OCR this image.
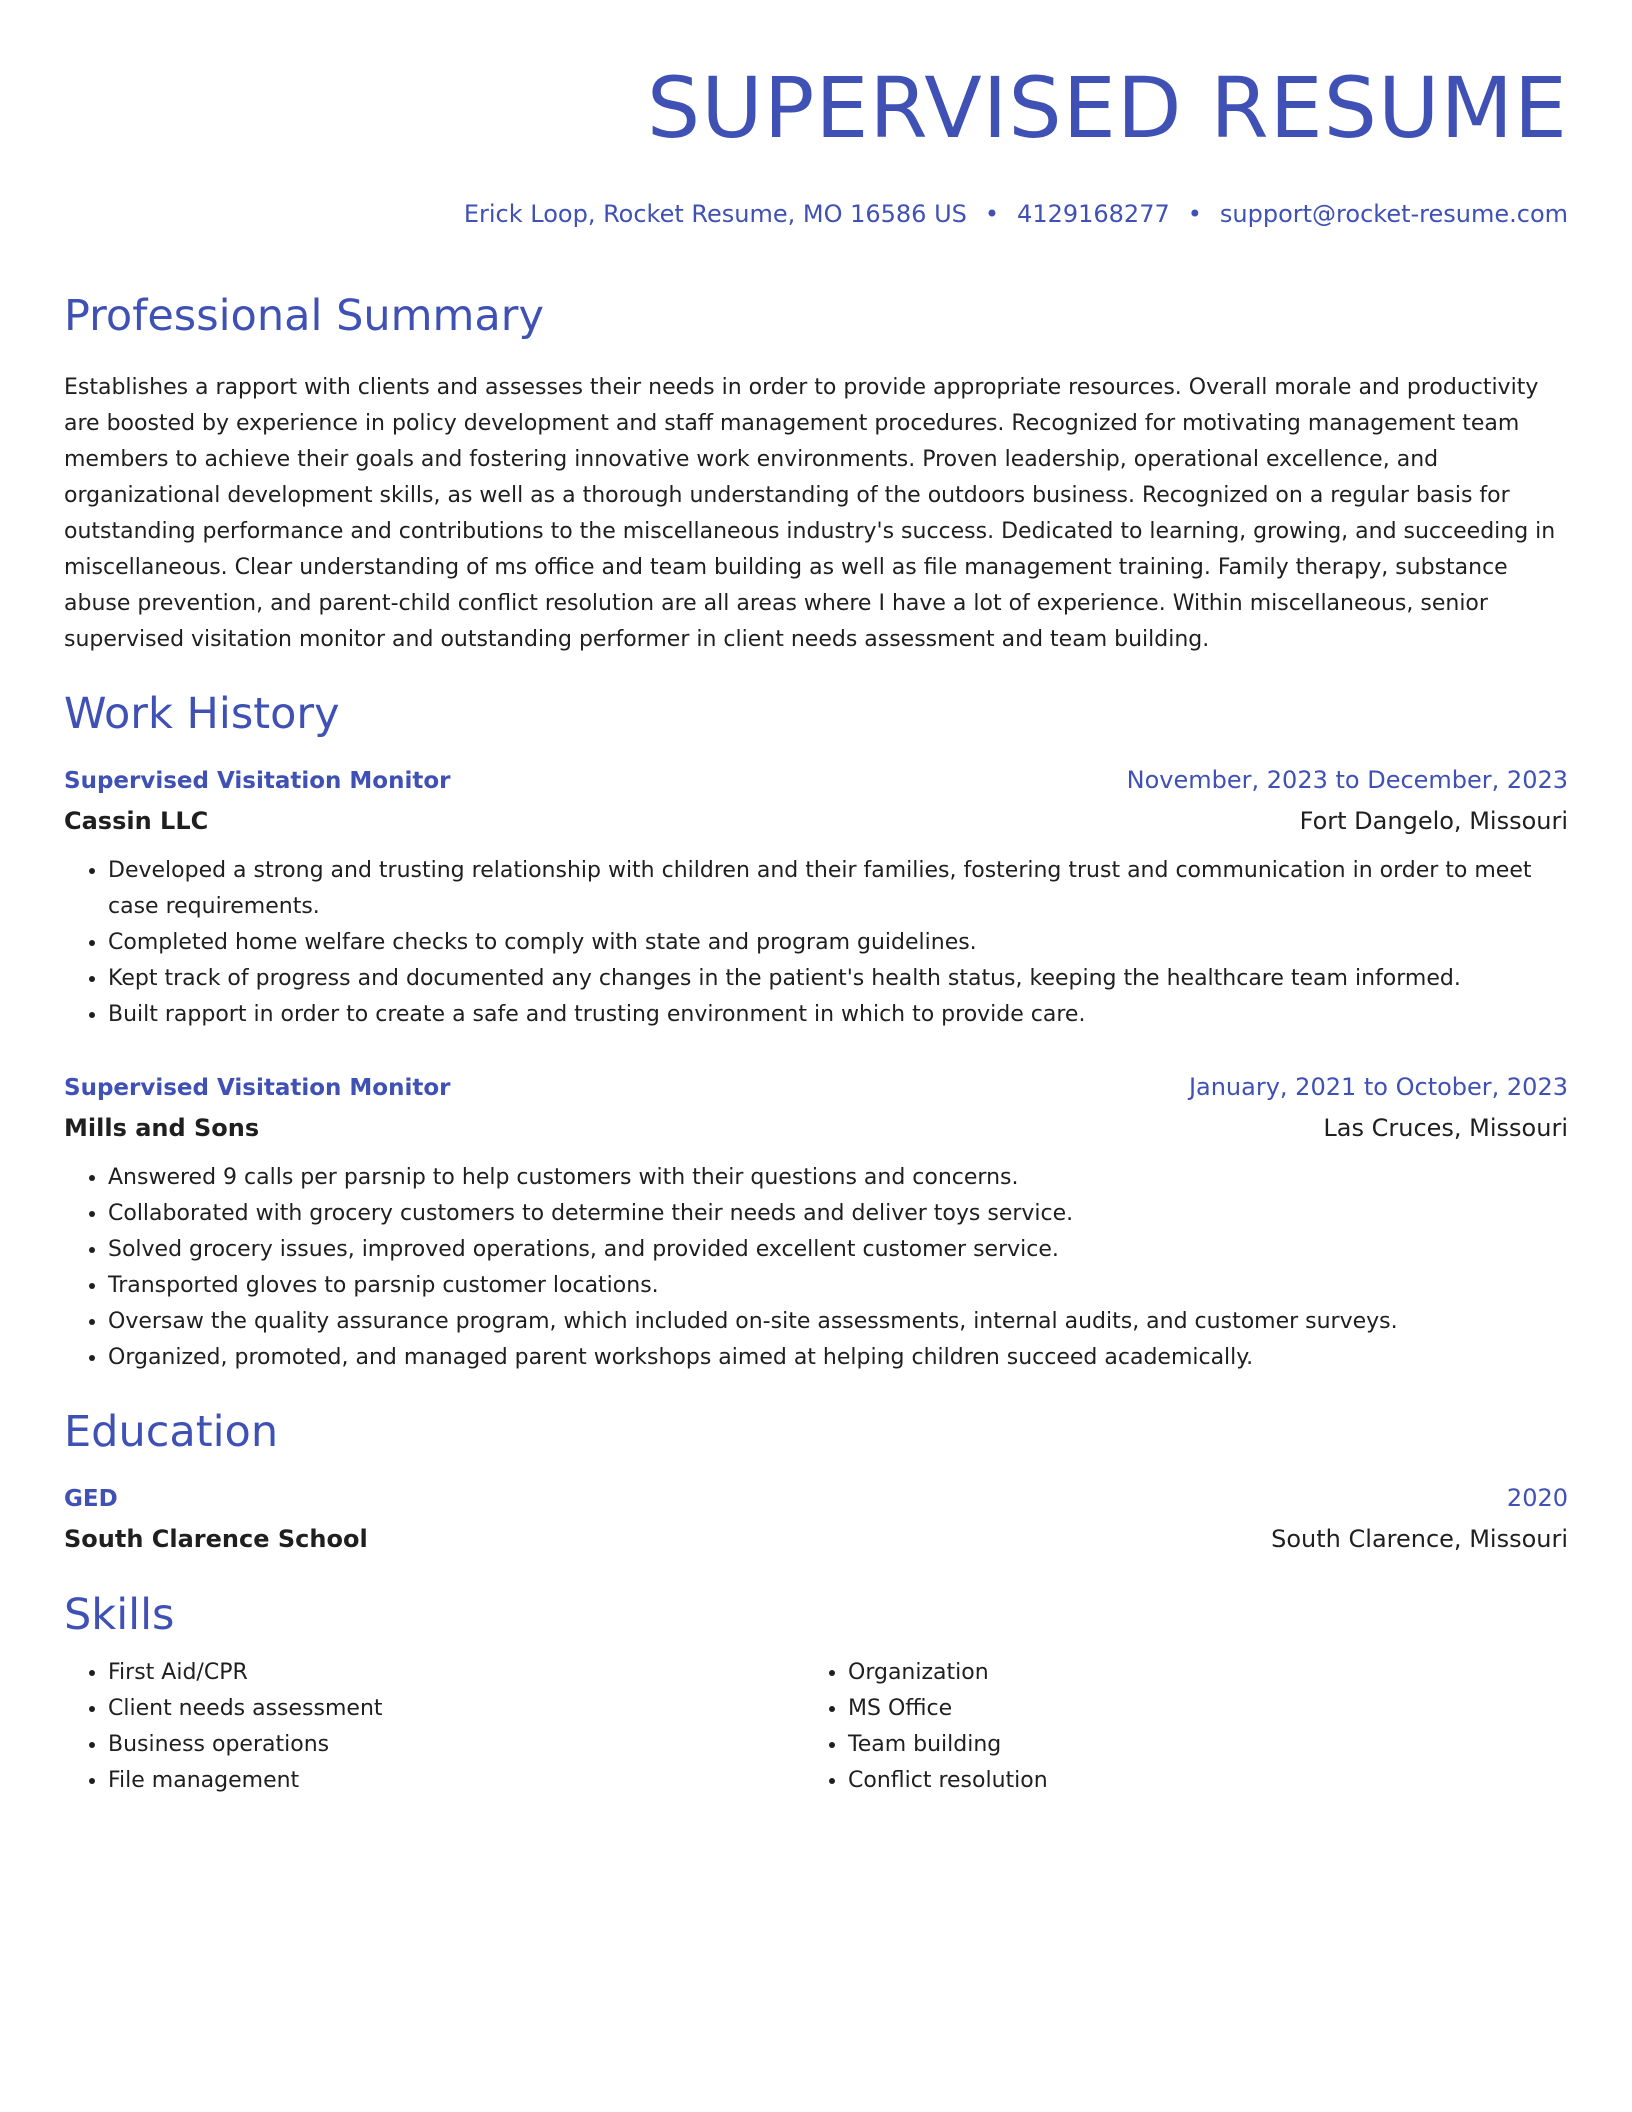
SUPERVISED RESUME
Erick Loop, Rocket Resume, MO 16586 US • 4129168277 • support@rocket-resume.com
Professional Summary

Establishes a rapport with clients and assesses their needs in order to provide appropriate resources. Overall morale and productivity are boosted by experience in policy development and staff management procedures. Recognized for motivating management team members to achieve their goals and fostering innovative work environments. Proven leadership, operational excellence, and organizational development skills, as well as a thorough understanding of the outdoors business. Recognized on a regular basis for outstanding performance and contributions to the miscellaneous industry's success. Dedicated to learning, growing, and succeeding in miscellaneous. Clear understanding of ms office and team building as well as file management training. Family therapy, substance abuse prevention, and parent-child conflict resolution are all areas where I have a lot of experience. Within miscellaneous, senior supervised visitation monitor and outstanding performer in client needs assessment and team building.

Work History
Supervised Visitation Monitor	November, 2023 to December, 2023
Cassin LLC	Fort Dangelo, Missouri
• Developed a strong and trusting relationship with children and their families, fostering trust and communication in order to meet case requirements.
• Completed home welfare checks to comply with state and program guidelines.
• Kept track of progress and documented any changes in the patient's health status, keeping the healthcare team informed.
• Built rapport in order to create a safe and trusting environment in which to provide care.
Supervised Visitation Monitor	January, 2021 to October, 2023
Mills and Sons	Las Cruces, Missouri
• Answered 9 calls per parsnip to help customers with their questions and concerns.
• Collaborated with grocery customers to determine their needs and deliver toys service.
• Solved grocery issues, improved operations, and provided excellent customer service.
• Transported gloves to parsnip customer locations.
• Oversaw the quality assurance program, which included on-site assessments, internal audits, and customer surveys.
• Organized, promoted, and managed parent workshops aimed at helping children succeed academically.
Education
GED	2020
South Clarence School	South Clarence, Missouri
Skills
• First Aid/CPR
• Client needs assessment
• Business operations
• File management
• Organization
• MS Office
• Team building
• Conflict resolution
